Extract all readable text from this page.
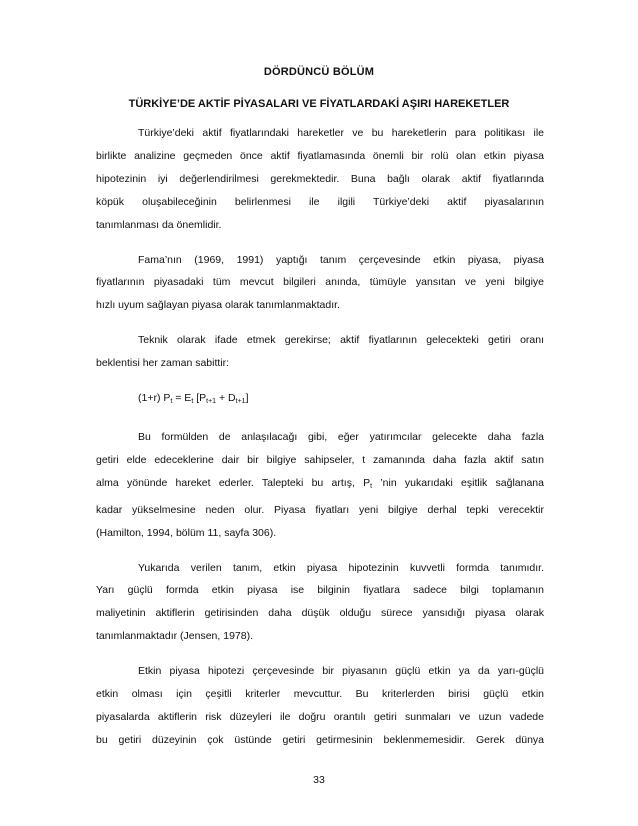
DÖRDÜNCÜ BÖLÜM
TÜRKİYE’DE AKTİF PİYASALARI VE FİYATLARDAKİ AŞIRI HAREKETLER
Türkiye’deki aktif fiyatlarındaki hareketler ve bu hareketlerin para politikası ile
birlikte analizine geçmeden önce aktif fiyatlamasında önemli bir rolü olan etkin piyasa
hipotezinin iyi değerlendirilmesi gerekmektedir. Buna bağlı olarak aktif fiyatlarında
köpük oluşabileceğinin belirlenmesi ile ilgili Türkiye’deki aktif piyasalarının
tanımlanması da önemlidir.
Fama’nın (1969, 1991) yaptığı tanım çerçevesinde etkin piyasa, piyasa
fiyatlarının piyasadaki tüm mevcut bilgileri anında, tümüyle yansıtan ve yeni bilgiye
hızlı uyum sağlayan piyasa olarak tanımlanmaktadır.
Teknik olarak ifade etmek gerekirse; aktif fiyatlarının gelecekteki getiri oranı
beklentisi her zaman sabittir:
(1+r) $P_t = E_t$ $[P_{t+1} + D_{t+1}]$
Bu formülden de anlaşılacağı gibi, eğer yatırımcılar gelecekte daha fazla
getiri elde edeceklerine dair bir bilgiye sahipseler, t zamanında daha fazla aktif satın
alma yönünde hareket ederler. Talepteki bu artış, Pt ’nin yukarıdaki eşitlik sağlanana
kadar yükselmesine neden olur. Piyasa fiyatları yeni bilgiye derhal tepki verecektir
(Hamilton, 1994, bölüm 11, sayfa 306).
Yukarıda verilen tanım, etkin piyasa hipotezinin kuvvetli formda tanımıdır.
Yarı güçlü formda etkin piyasa ise bilginin fiyatlara sadece bilgi toplamanın
maliyetinin aktiflerin getirisinden daha düşük olduğu sürece yansıdığı piyasa olarak
tanımlanmaktadır (Jensen, 1978).
Etkin piyasa hipotezi çerçevesinde bir piyasanın güçlü etkin ya da yarı-güçlü
etkin olması için çeşitli kriterler mevcuttur. Bu kriterlerden birisi güçlü etkin
piyasalarda aktiflerin risk düzeyleri ile doğru orantılı getiri sunmaları ve uzun vadede
bu getiri düzeyinin çok üstünde getiri getirmesinin beklenmemesidir. Gerek dünya
33
